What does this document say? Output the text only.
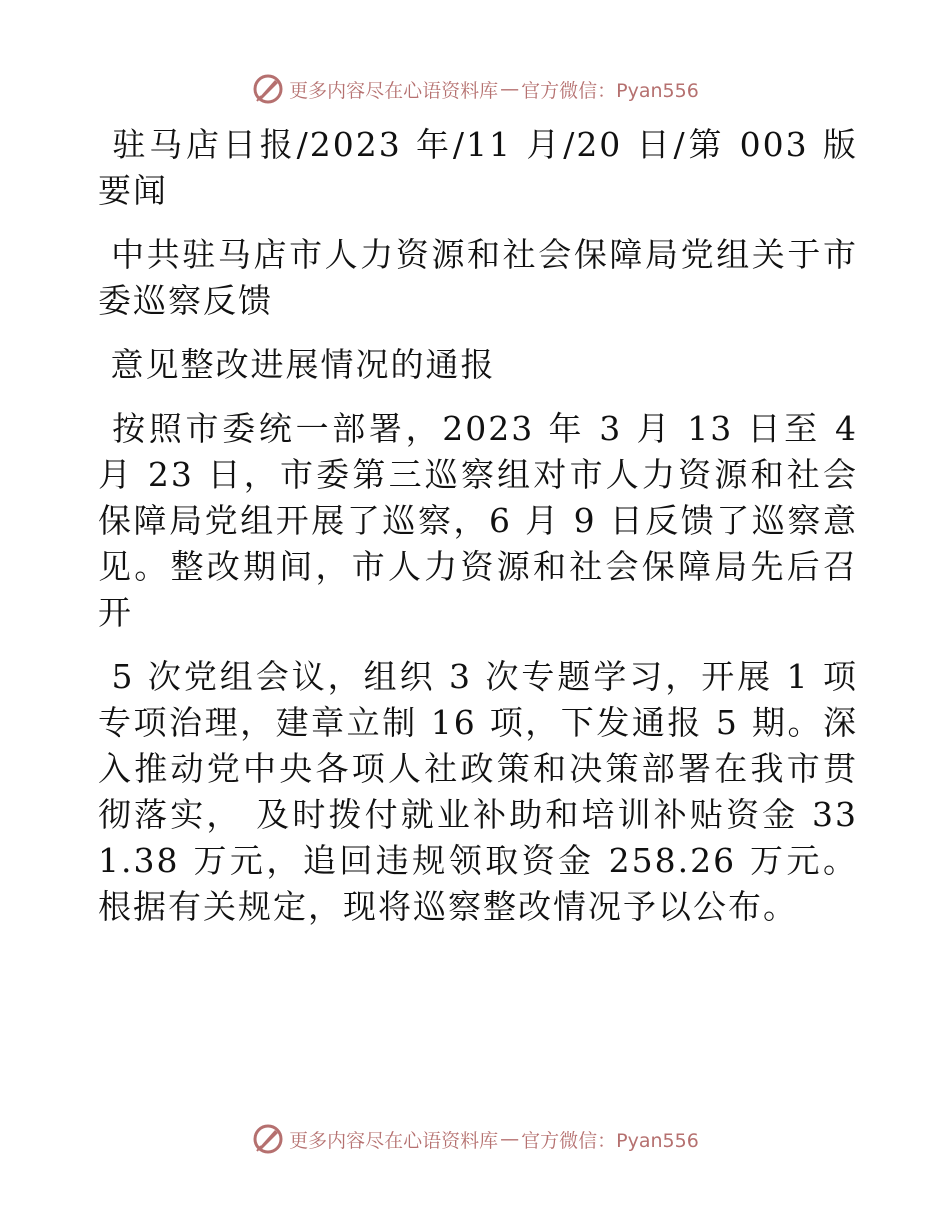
更多内容尽在心语资料库 — 官方微信：Pyan556

驻马店日报/2023 年/11 月/20 日/第 003 版要闻

中共驻马店市人力资源和社会保障局党组关于市委巡察反馈

意见整改进展情况的通报

按照市委统一部署，2023 年 3 月 13 日至 4 月 23 日，市委第三巡察组对市人力资源和社会保障局党组开展了巡察，6 月 9 日反馈了巡察意见。整改期间，市人力资源和社会保障局先后召开

5 次党组会议，组织 3 次专题学习，开展 1 项专项治理，建章立制 16 项，下发通报 5 期。深入推动党中央各项人社政策和决策部署在我市贯彻落实， 及时拨付就业补助和培训补贴资金 331.38 万元，追回违规领取资金 258.26 万元。根据有关规定，现将巡察整改情况予以公布。

更多内容尽在心语资料库 — 官方微信：Pyan556
